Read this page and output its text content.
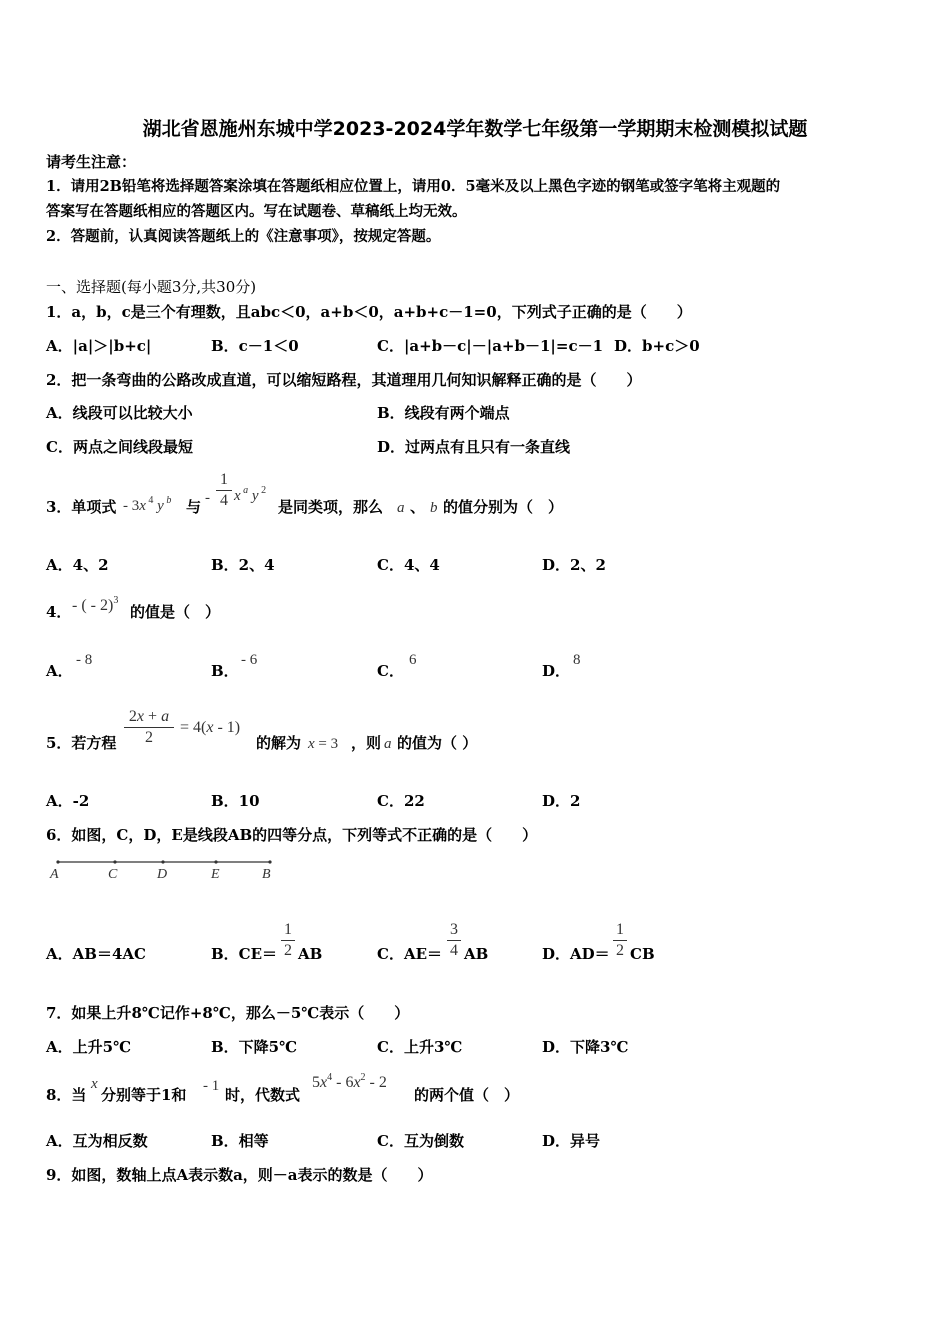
湖北省恩施州东城中学2023-2024学年数学七年级第一学期期末检测模拟试题
请考生注意：
1．请用2B铅笔将选择题答案涂填在答题纸相应位置上，请用0．5毫米及以上黑色字迹的钢笔或签字笔将主观题的
答案写在答题纸相应的答题区内。写在试题卷、草稿纸上均无效。
2．答题前，认真阅读答题纸上的《注意事项》，按规定答题。
一、选择题(每小题3分,共30分)
1．a，b，c是三个有理数，且abc＜0，a+b＜0，a+b+c－1=0，下列式子正确的是（　　）
A．|a|＞|b+c|	B．c－1＜0	C．|a+b－c|－|a+b－1|=c－1 D．b+c＞0
2．把一条弯曲的公路改成直道，可以缩短路程，其道理用几何知识解释正确的是（　　）
A．线段可以比较大小	B．线段有两个端点
C．两点之间线段最短	D．过两点有且只有一条直线
3．单项式 - 3x $^4$ y $^b$ 与 -
1
4 x $^a$ y $^2$
是同类项，那么 a 、 b 的值分别为（　）
A．4、2	B．2、4	C．4、4	D．2、2
4． - ( - 2)$^3$
的值是（　）
A．
- 8
B．
- 6
C．
6
D．
8
5．若方程
2x + a
2
= 4(x - 1)
的解为 x = 3 ，则 a 的值为（ ）
A．-2	B．10	C．22	D．2
6．如图，C，D，E是线段AB的四等分点，下列等式不正确的是（　　）
A	C	D	E	B
A．AB＝4AC	B．CE＝
1
2 AB	C．AE＝
3
4 AB	D．AD＝
1
2 CB
7．如果上升8℃记作+8℃，那么－5℃表示（　　）
A．上升5℃	B．下降5℃	C．上升3℃	D．下降3℃
8．当
x
分别等于1和 - 1 时，代数式
$5x^4 - 6x^2 - 2$
的两个值（　）
A．互为相反数	B．相等	C．互为倒数	D．异号
9．如图，数轴上点A表示数a，则－a表示的数是（　　）
